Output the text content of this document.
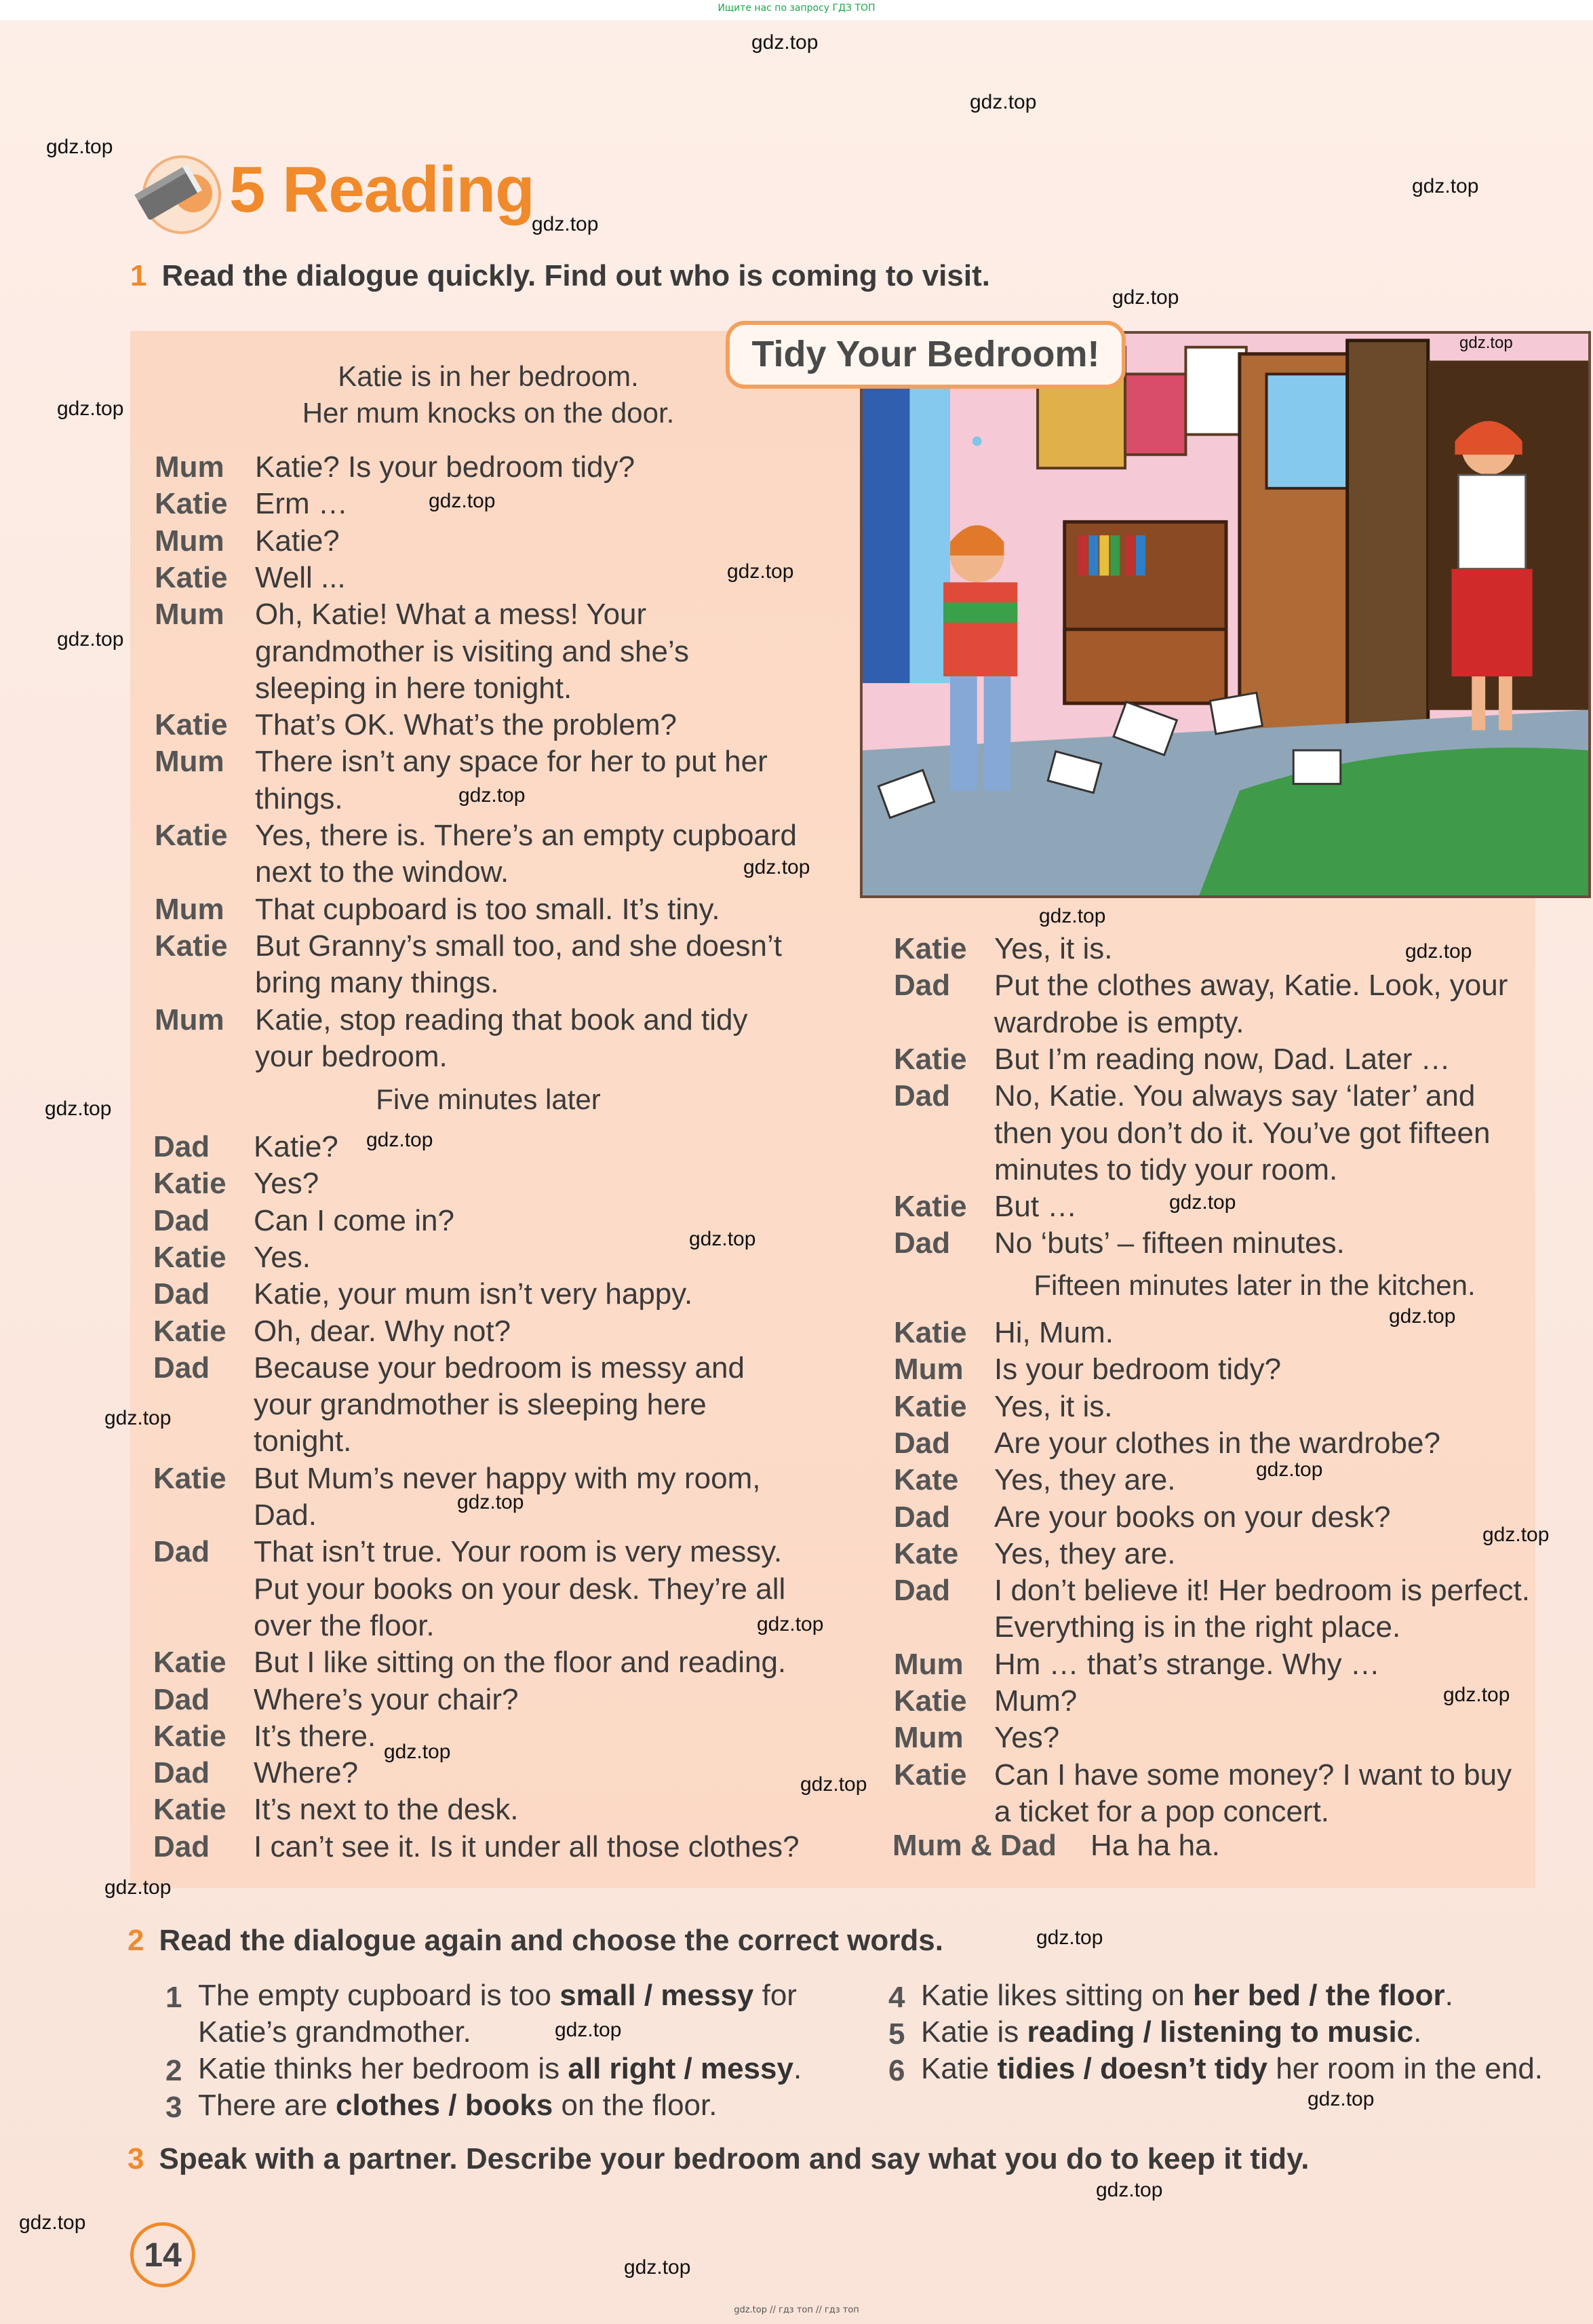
Ищите нас по запросу ГДЗ ТОП
5 Reading
1 Read the dialogue quickly. Find out who is coming to visit.
Tidy Your Bedroom!
Katie is in her bedroom.
Her mum knocks on the door.
Mum Katie? Is your bedroom tidy?
Katie Erm …
Mum Katie?
Katie Well ...
Mum Oh, Katie! What a mess! Your
grandmother is visiting and she’s
sleeping in here tonight.
Katie That’s OK. What’s the problem?
Mum There isn’t any space for her to put her
things.
Katie Yes, there is. There’s an empty cupboard
next to the window.
Mum That cupboard is too small. It’s tiny.
Katie But Granny’s small too, and she doesn’t
bring many things.
Mum Katie, stop reading that book and tidy
your bedroom.
Five minutes later
Dad Katie?
Katie Yes?
Dad Can I come in?
Katie Yes.
Dad Katie, your mum isn’t very happy.
Katie Oh, dear. Why not?
Dad Because your bedroom is messy and
your grandmother is sleeping here
tonight.
Katie But Mum’s never happy with my room,
Dad.
Dad That isn’t true. Your room is very messy.
Put your books on your desk. They’re all
over the floor.
Katie But I like sitting on the floor and reading.
Dad Where’s your chair?
Katie It’s there.
Dad Where?
Katie It’s next to the desk.
Dad I can’t see it. Is it under all those clothes?
Katie Yes, it is.
Dad Put the clothes away, Katie. Look, your
wardrobe is empty.
Katie But I’m reading now, Dad. Later …
Dad No, Katie. You always say ‘later’ and
then you don’t do it. You’ve got fifteen
minutes to tidy your room.
Katie But …
Dad No ‘buts’ – fifteen minutes.
Fifteen minutes later in the kitchen.
Katie Hi, Mum.
Mum Is your bedroom tidy?
Katie Yes, it is.
Dad Are your clothes in the wardrobe?
Kate Yes, they are.
Dad Are your books on your desk?
Kate Yes, they are.
Dad I don’t believe it! Her bedroom is perfect.
Everything is in the right place.
Mum Hm … that’s strange. Why …
Katie Mum?
Mum Yes?
Katie Can I have some money? I want to buy
a ticket for a pop concert.
Mum & Dad Ha ha ha.
2 Read the dialogue again and choose the correct words.
1 The empty cupboard is too small / messy for
Katie’s grandmother.
2 Katie thinks her bedroom is all right / messy.
3 There are clothes / books on the floor.
4 Katie likes sitting on her bed / the floor.
5 Katie is reading / listening to music.
6 Katie tidies / doesn’t tidy her room in the end.
3 Speak with a partner. Describe your bedroom and say what you do to keep it tidy.
14
gdz.top // гдз топ // гдз топ
gdz.top
gdz.top
gdz.top
gdz.top
gdz.top
gdz.top
gdz.top
gdz.top
gdz.top
gdz.top
gdz.top
gdz.top
gdz.top
gdz.top
gdz.top
gdz.top
gdz.top
gdz.top
gdz.top
gdz.top
gdz.top
gdz.top
gdz.top
gdz.top
gdz.top
gdz.top
gdz.top
gdz.top
gdz.top
gdz.top
gdz.top
gdz.top
gdz.top
gdz.top
gdz.top
